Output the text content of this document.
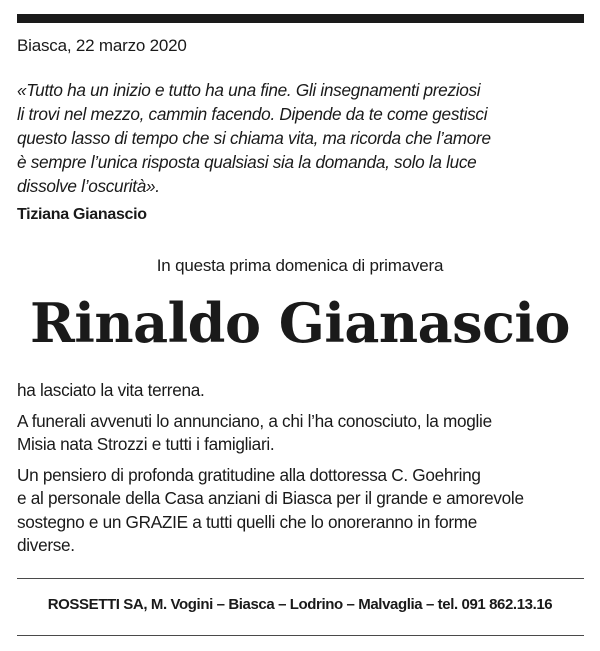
Biasca, 22 marzo 2020
«Tutto ha un inizio e tutto ha una fine. Gli insegnamenti preziosi
li trovi nel mezzo, cammin facendo. Dipende da te come gestisci
questo lasso di tempo che si chiama vita, ma ricorda che l’amore
è sempre l’unica risposta qualsiasi sia la domanda, solo la luce
dissolve l’oscurità».
Tiziana Gianascio
In questa prima domenica di primavera
Rinaldo Gianascio

ha lasciato la vita terrena.

A funerali avvenuti lo annunciano, a chi l’ha conosciuto, la moglie
Misia nata Strozzi e tutti i famigliari.

Un pensiero di profonda gratitudine alla dottoressa C. Goehring
e al personale della Casa anziani di Biasca per il grande e amorevole
sostegno e un GRAZIE a tutti quelli che lo onoreranno in forme
diverse.

ROSSETTI SA, M. Vogini – Biasca – Lodrino – Malvaglia – tel. 091 862.13.16
